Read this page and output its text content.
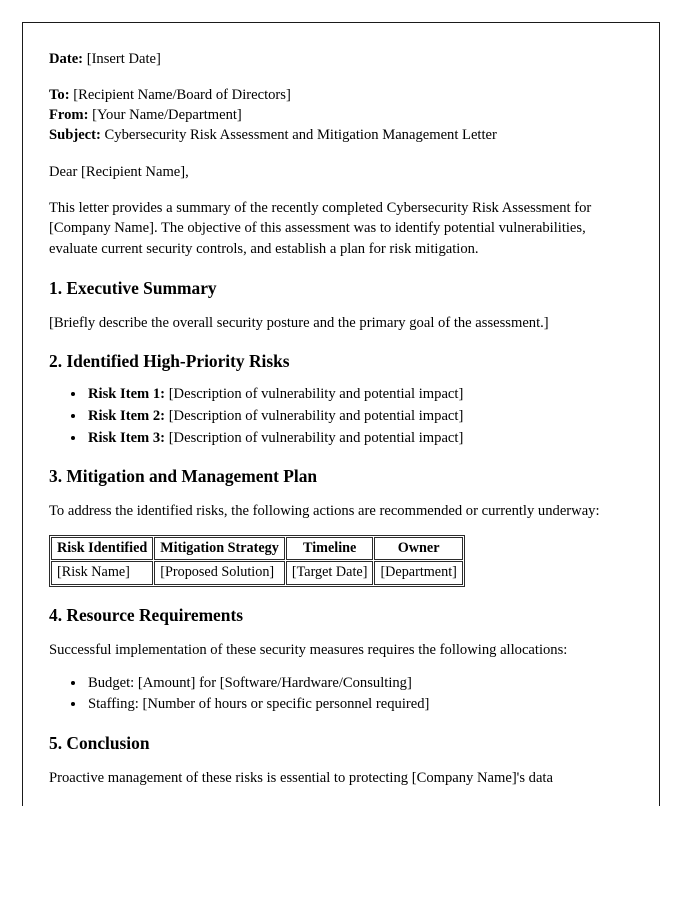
Date: [Insert Date]

To: [Recipient Name/Board of Directors]

From: [Your Name/Department]

Subject: Cybersecurity Risk Assessment and Mitigation Management Letter

Dear [Recipient Name],

This letter provides a summary of the recently completed Cybersecurity Risk Assessment for [Company Name]. The objective of this assessment was to identify potential vulnerabilities, evaluate current security controls, and establish a plan for risk mitigation.

1. Executive Summary

[Briefly describe the overall security posture and the primary goal of the assessment.]

2. Identified High-Priority Risks
• Risk Item 1: [Description of vulnerability and potential impact]
• Risk Item 2: [Description of vulnerability and potential impact]
• Risk Item 3: [Description of vulnerability and potential impact]
3. Mitigation and Management Plan

To address the identified risks, the following actions are recommended or currently underway:

Risk Identified	Mitigation Strategy	Timeline	Owner
[Risk Name]	[Proposed Solution]	[Target Date]	[Department]
4. Resource Requirements

Successful implementation of these security measures requires the following allocations:

• Budget: [Amount] for [Software/Hardware/Consulting]
• Staffing: [Number of hours or specific personnel required]
5. Conclusion

Proactive management of these risks is essential to protecting [Company Name]'s data
